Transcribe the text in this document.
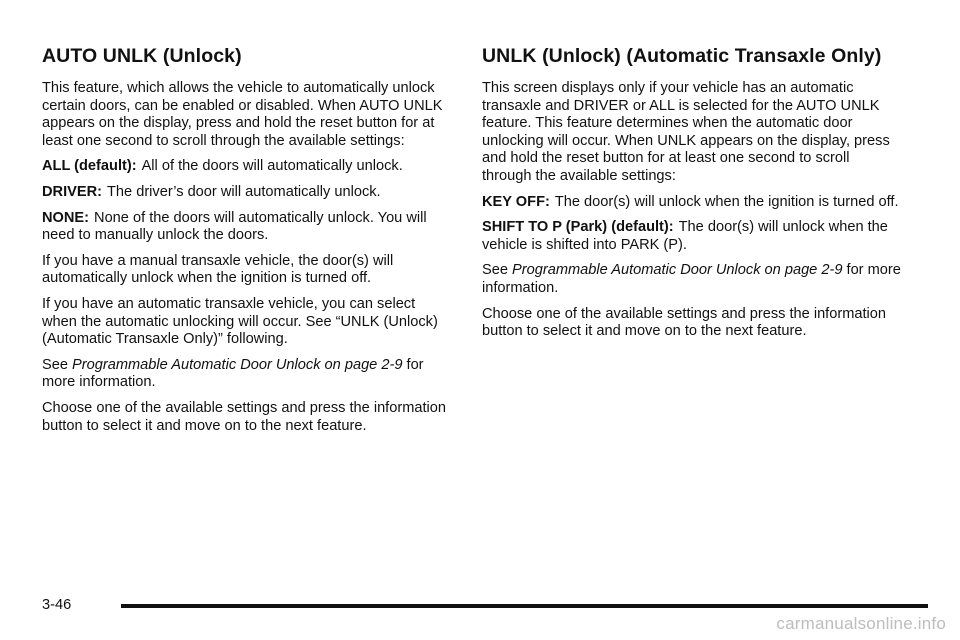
AUTO UNLK (Unlock)

This feature, which allows the vehicle to automatically unlock certain doors, can be enabled or disabled. When AUTO UNLK appears on the display, press and hold the reset button for at least one second to scroll through the available settings:

ALL (default): All of the doors will automatically unlock.

DRIVER: The driver’s door will automatically unlock.

NONE: None of the doors will automatically unlock. You will need to manually unlock the doors.

If you have a manual transaxle vehicle, the door(s) will automatically unlock when the ignition is turned off.

If you have an automatic transaxle vehicle, you can select when the automatic unlocking will occur. See “UNLK (Unlock) (Automatic Transaxle Only)” following.

See Programmable Automatic Door Unlock on page 2-9 for more information.

Choose one of the available settings and press the information button to select it and move on to the next feature.

UNLK (Unlock) (Automatic Transaxle Only)

This screen displays only if your vehicle has an automatic transaxle and DRIVER or ALL is selected for the AUTO UNLK feature. This feature determines when the automatic door unlocking will occur. When UNLK appears on the display, press and hold the reset button for at least one second to scroll through the available settings:

KEY OFF: The door(s) will unlock when the ignition is turned off.

SHIFT TO P (Park) (default): The door(s) will unlock when the vehicle is shifted into PARK (P).

See Programmable Automatic Door Unlock on page 2-9 for more information.

Choose one of the available settings and press the information button to select it and move on to the next feature.

3-46
carmanualsonline.info
